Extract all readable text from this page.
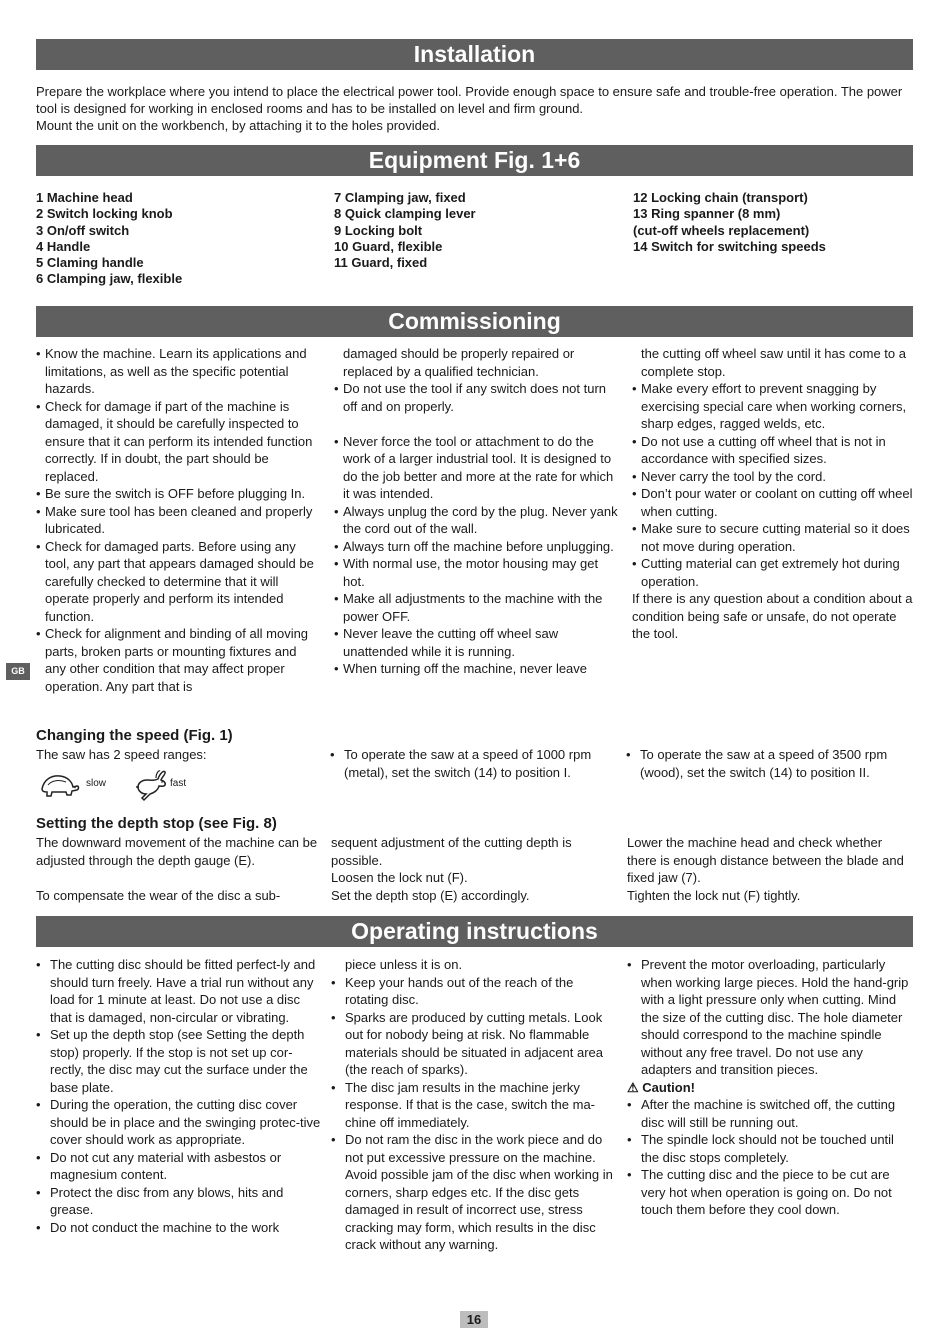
Installation

Prepare the workplace where you intend to place the electrical power tool. Provide enough space to ensure safe and trouble-free operation. The power tool is designed for working in enclosed rooms and has to be installed on level and firm ground.

Mount the unit on the workbench, by attaching it to the holes provided.

Equipment Fig. 1+6
1 Machine head
2 Switch locking knob
3 On/off switch
4 Handle
5 Claming handle
6 Clamping jaw, flexible
7 Clamping jaw, fixed
8 Quick clamping lever
9 Locking bolt
10 Guard, flexible
11 Guard, fixed
12 Locking chain (transport)
13 Ring spanner (8 mm)
(cut-off wheels replacement)
14 Switch for switching speeds
Commissioning
• Know the machine. Learn its applications and limitations, as well as the specific potential hazards.
• Check for damage if part of the machine is damaged, it should be carefully inspected to ensure that it can perform its intended function correctly. If in doubt, the part should be replaced.
• Be sure the switch is OFF before plugging In.
• Make sure tool has been cleaned and properly lubricated.
• Check for damaged parts. Before using any tool, any part that appears damaged should be carefully checked to determine that it will operate properly and perform its intended function.
• Check for alignment and binding of all moving parts, broken parts or mounting fixtures and any other condition that may affect proper operation. Any part that is

damaged should be properly repaired or replaced by a qualified technician.

• Do not use the tool if any switch does not turn off and on properly.
• Never force the tool or attachment to do the work of a larger industrial tool. It is designed to do the job better and more at the rate for which it was intended.
• Always unplug the cord by the plug. Never yank the cord out of the wall.
• Always turn off the machine before unplugging.
• With normal use, the motor housing may get hot.
• Make all adjustments to the machine with the power OFF.
• Never leave the cutting off wheel saw unattended while it is running.
• When turning off the machine, never leave

the cutting off wheel saw until it has come to a complete stop.

• Make every effort to prevent snagging by exercising special care when working corners, sharp edges, ragged welds, etc.
• Do not use a cutting off wheel that is not in accordance with specified sizes.
• Never carry the tool by the cord.
• Don’t pour water or coolant on cutting off wheel when cutting.
• Make sure to secure cutting material so it does not move during operation.
• Cutting material can get extremely hot during operation.

If there is any question about a condition about a condition being safe or unsafe, do not operate the tool.

GB
Changing the speed (Fig. 1)
The saw has 2 speed ranges:
slow	fast
• To operate the saw at a speed of 1000 rpm (metal), set the switch (14) to position I.
• To operate the saw at a speed of 3500 rpm (wood), set the switch (14) to position II.
Setting the depth stop (see Fig. 8)

The downward movement of the machine can be adjusted through the depth gauge (E).

To compensate the wear of the disc a sub-

sequent adjustment of the cutting depth is possible.

Loosen the lock nut (F).

Set the depth stop (E) accordingly.

Lower the machine head and check whether there is enough distance between the blade and fixed jaw (7).

Tighten the lock nut (F) tightly.

Operating instructions
• The cutting disc should be fitted perfect-ly and should turn freely. Have a trial run without any load for 1 minute at least. Do not use a disc that is damaged, non-circular or vibrating.
• Set up the depth stop (see Setting the depth stop) properly. If the stop is not set up cor-rectly, the disc may cut the surface under the base plate.
• During the operation, the cutting disc cover should be in place and the swinging protec-tive cover should work as appropriate.
• Do not cut any material with asbestos or magnesium content.
• Protect the disc from any blows, hits and grease.
• Do not conduct the machine to the work

piece unless it is on.

• Keep your hands out of the reach of the rotating disc.
• Sparks are produced by cutting metals. Look out for nobody being at risk. No flammable materials should be situated in adjacent area (the reach of sparks).
• The disc jam results in the machine jerky response. If that is the case, switch the ma-chine off immediately.
• Do not ram the disc in the work piece and do not put excessive pressure on the machine. Avoid possible jam of the disc when working in corners, sharp edges etc. If the disc gets damaged in result of incorrect use, stress cracking may form, which results in the disc crack without any warning.
• Prevent the motor overloading, particularly when working large pieces. Hold the hand-grip with a light pressure only when cutting. Mind the size of the cutting disc. The hole diameter should correspond to the machine spindle without any free travel. Do not use any adapters and transition pieces.

⚠ Caution!

• After the machine is switched off, the cutting disc will still be running out.
• The spindle lock should not be touched until the disc stops completely.
• The cutting disc and the piece to be cut are very hot when operation is going on. Do not touch them before they cool down.
16
